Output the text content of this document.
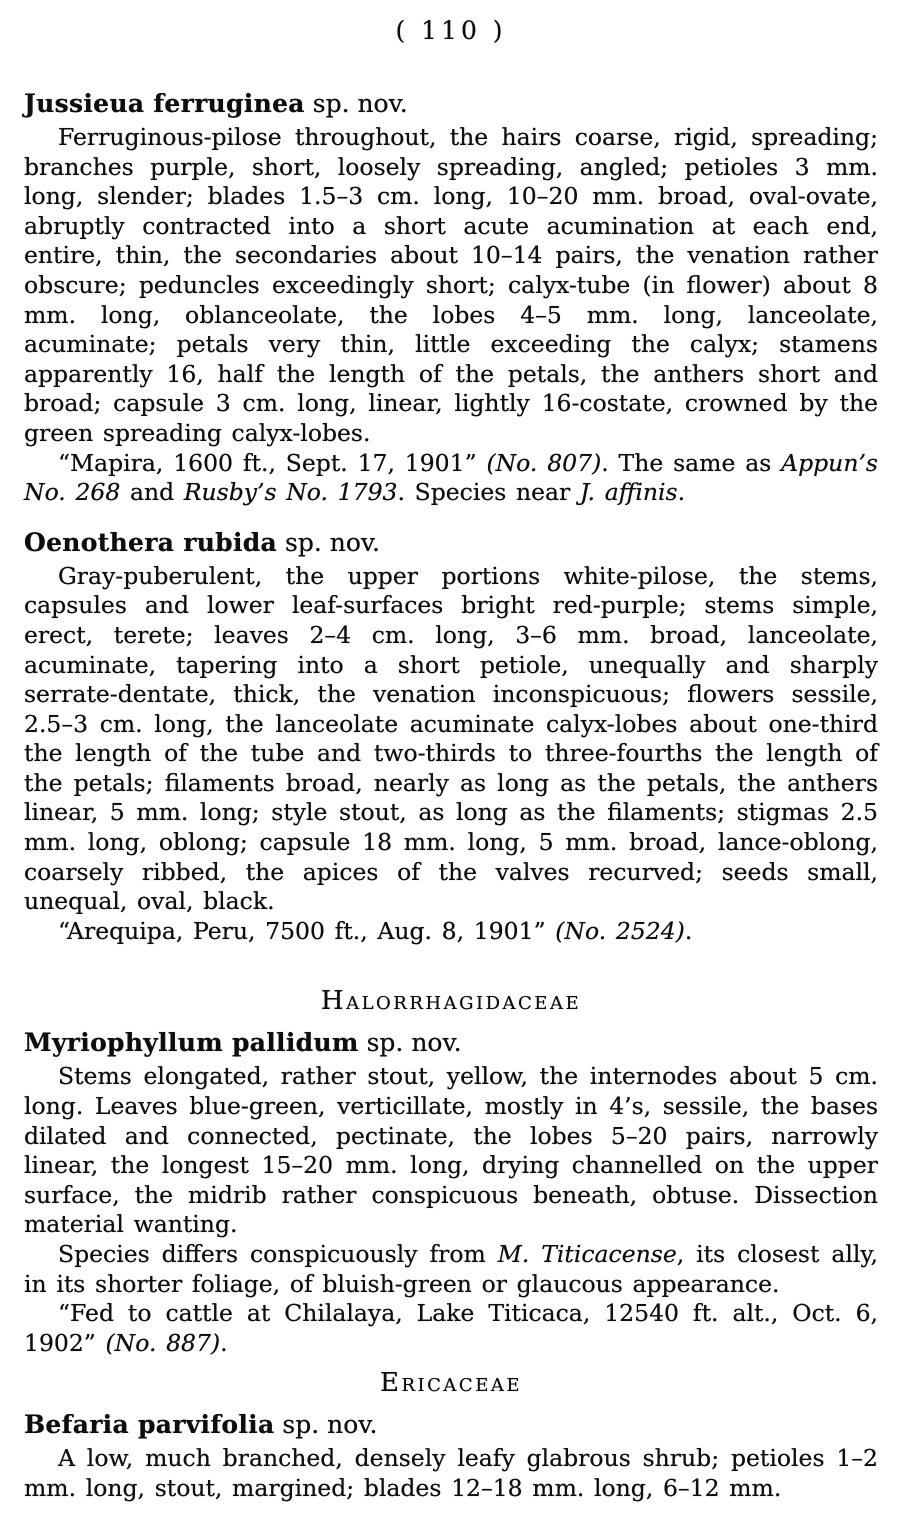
( 110 )
Jussieua ferruginea sp. nov.

Ferruginous-pilose throughout, the hairs coarse, rigid, spreading; branches purple, short, loosely spreading, angled; petioles 3 mm. long, slender; blades 1.5–3 cm. long, 10–20 mm. broad, oval-ovate, abruptly contracted into a short acute acumination at each end, entire, thin, the secondaries about 10–14 pairs, the venation rather obscure; peduncles exceedingly short; calyx-tube (in flower) about 8 mm. long, oblanceolate, the lobes 4–5 mm. long, lanceolate, acuminate; petals very thin, little exceeding the calyx; stamens apparently 16, half the length of the petals, the anthers short and broad; capsule 3 cm. long, linear, lightly 16-costate, crowned by the green spreading calyx-lobes.

“Mapira, 1600 ft., Sept. 17, 1901” (No. 807). The same as Appun’s No. 268 and Rusby’s No. 1793. Species near J. affinis.

Oenothera rubida sp. nov.

Gray-puberulent, the upper portions white-pilose, the stems, capsules and lower leaf-surfaces bright red-purple; stems simple, erect, terete; leaves 2–4 cm. long, 3–6 mm. broad, lanceolate, acuminate, tapering into a short petiole, unequally and sharply serrate-dentate, thick, the venation inconspicuous; flowers sessile, 2.5–3 cm. long, the lanceolate acuminate calyx-lobes about one-third the length of the tube and two-thirds to three-fourths the length of the petals; filaments broad, nearly as long as the petals, the anthers linear, 5 mm. long; style stout, as long as the filaments; stigmas 2.5 mm. long, oblong; capsule 18 mm. long, 5 mm. broad, lance-oblong, coarsely ribbed, the apices of the valves recurved; seeds small, unequal, oval, black.

“Arequipa, Peru, 7500 ft., Aug. 8, 1901” (No. 2524).

Halorrhagidaceae
Myriophyllum pallidum sp. nov.

Stems elongated, rather stout, yellow, the internodes about 5 cm. long. Leaves blue-green, verticillate, mostly in 4’s, sessile, the bases dilated and connected, pectinate, the lobes 5–20 pairs, narrowly linear, the longest 15–20 mm. long, drying channelled on the upper surface, the midrib rather conspicuous beneath, obtuse. Dissection material wanting.

Species differs conspicuously from M. Titicacense, its closest ally, in its shorter foliage, of bluish-green or glaucous appearance.

“Fed to cattle at Chilalaya, Lake Titicaca, 12540 ft. alt., Oct. 6, 1902” (No. 887).

Ericaceae
Befaria parvifolia sp. nov.

A low, much branched, densely leafy glabrous shrub; petioles 1–2 mm. long, stout, margined; blades 12–18 mm. long, 6–12 mm.
